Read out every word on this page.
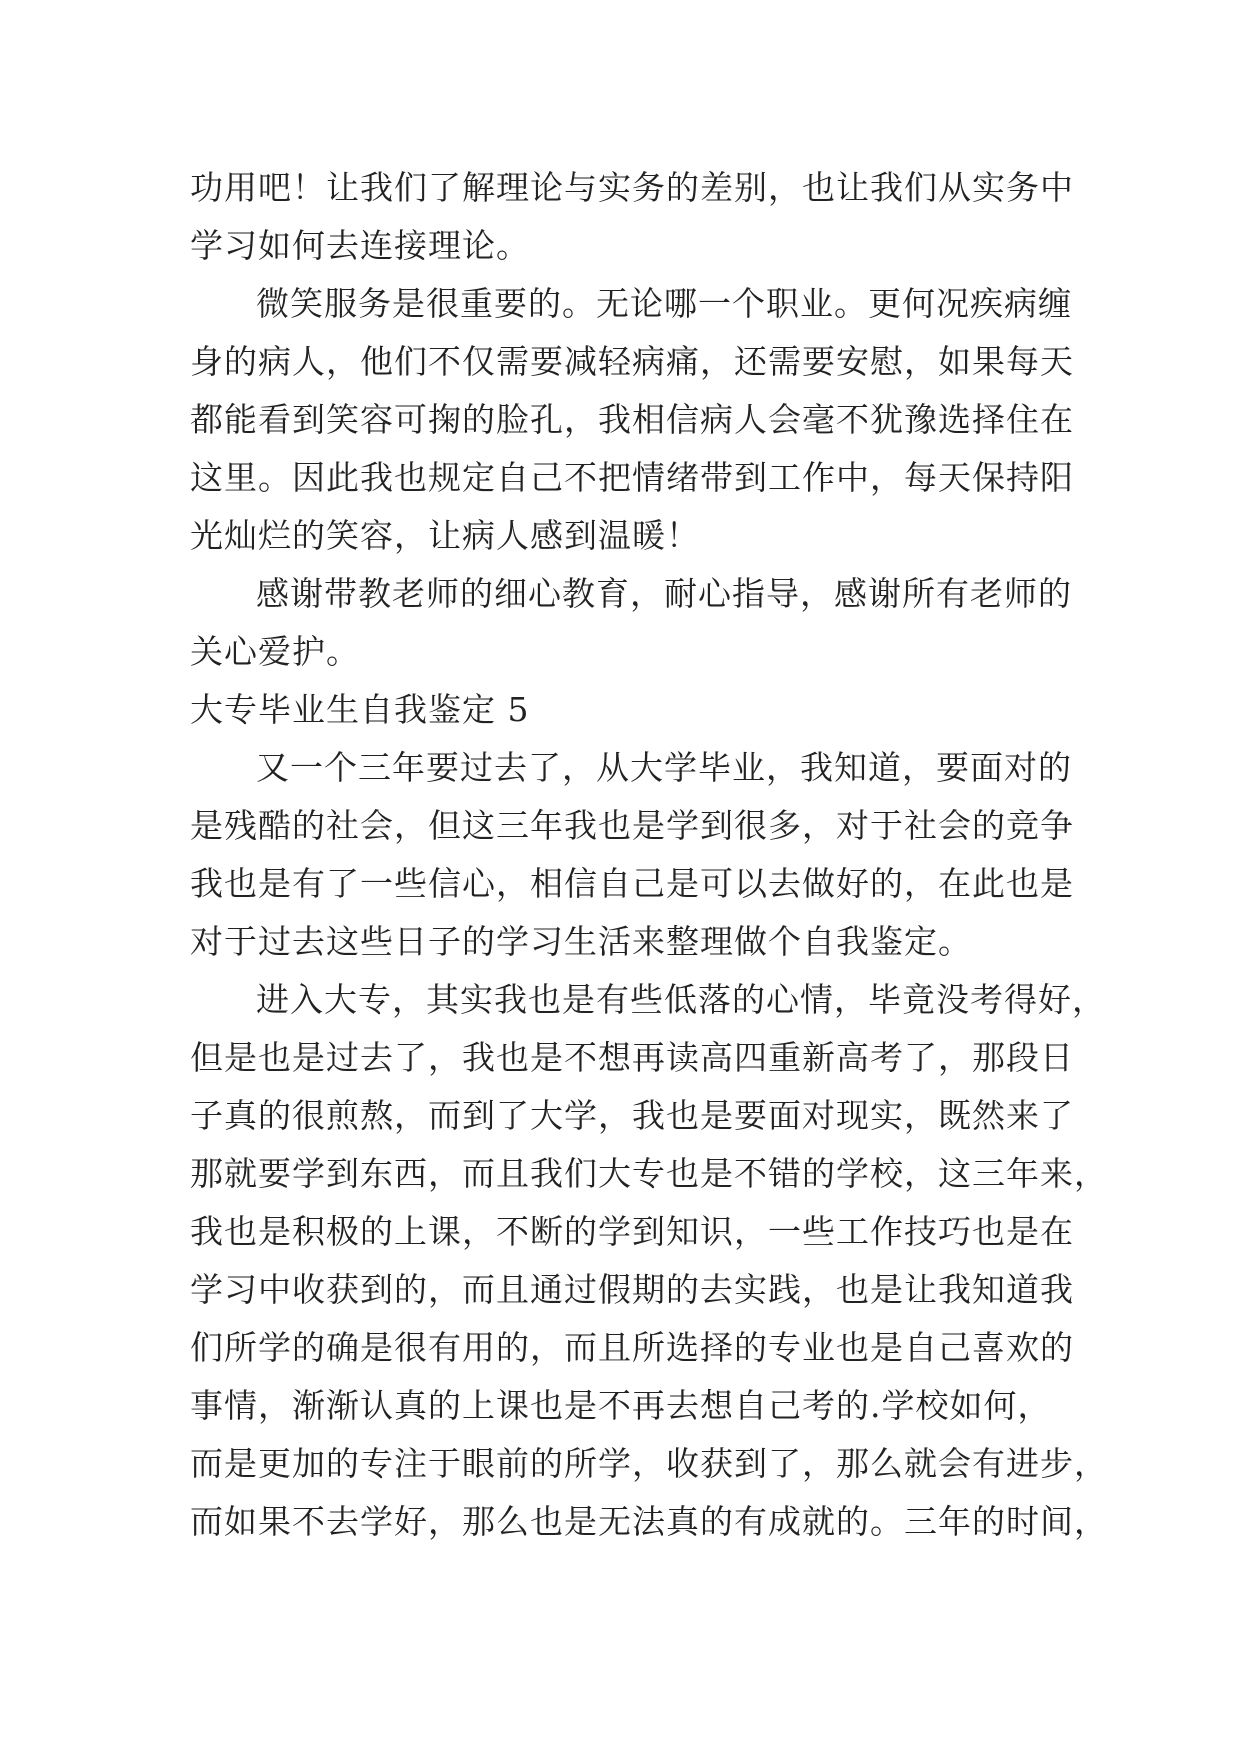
功用吧！让我们了解理论与实务的差别，也让我们从实务中

学习如何去连接理论。

微笑服务是很重要的。无论哪一个职业。更何况疾病缠

身的病人，他们不仅需要减轻病痛，还需要安慰，如果每天

都能看到笑容可掬的脸孔，我相信病人会毫不犹豫选择住在

这里。因此我也规定自己不把情绪带到工作中，每天保持阳

光灿烂的笑容，让病人感到温暖！

感谢带教老师的细心教育，耐心指导，感谢所有老师的

关心爱护。

大专毕业生自我鉴定 5

又一个三年要过去了，从大学毕业，我知道，要面对的

是残酷的社会，但这三年我也是学到很多，对于社会的竞争

我也是有了一些信心，相信自己是可以去做好的，在此也是

对于过去这些日子的学习生活来整理做个自我鉴定。

进入大专，其实我也是有些低落的心情，毕竟没考得好，

但是也是过去了，我也是不想再读高四重新高考了，那段日

子真的很煎熬，而到了大学，我也是要面对现实，既然来了

那就要学到东西，而且我们大专也是不错的学校，这三年来，

我也是积极的上课，不断的学到知识，一些工作技巧也是在

学习中收获到的，而且通过假期的去实践，也是让我知道我

们所学的确是很有用的，而且所选择的专业也是自己喜欢的

事情，渐渐认真的上课也是不再去想自己考的.学校如何，

而是更加的专注于眼前的所学，收获到了，那么就会有进步，

而如果不去学好，那么也是无法真的有成就的。三年的时间，
